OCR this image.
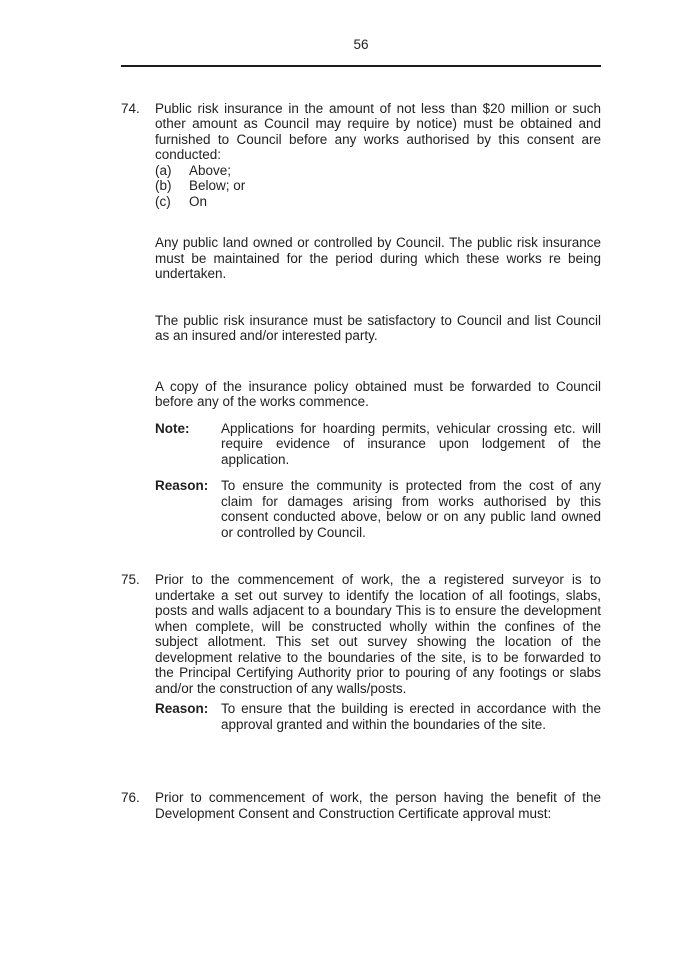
56
74.	Public risk insurance in the amount of not less than $20 million or such other amount as Council may require by notice) must be obtained and furnished to Council before any works authorised by this consent are conducted:

(a)	Above;
(b)	Below; or
(c)	On

Any public land owned or controlled by Council. The public risk insurance must be maintained for the period during which these works re being undertaken.

The public risk insurance must be satisfactory to Council and list Council as an insured and/or interested party.

A copy of the insurance policy obtained must be forwarded to Council before any of the works commence.

Note:	Applications for hoarding permits, vehicular crossing etc. will require evidence of insurance upon lodgement of the application.
Reason: To ensure the community is protected from the cost of any claim for damages arising from works authorised by this consent conducted above, below or on any public land owned or controlled by Council.
75.	Prior to the commencement of work, the a registered surveyor is to undertake a set out survey to identify the location of all footings, slabs, posts and walls adjacent to a boundary This is to ensure the development when complete, will be constructed wholly within the confines of the subject allotment. This set out survey showing the location of the development relative to the boundaries of the site, is to be forwarded to the Principal Certifying Authority prior to pouring of any footings or slabs and/or the construction of any walls/posts.

Reason: To ensure that the building is erected in accordance with the approval granted and within the boundaries of the site.
76.	Prior to commencement of work, the person having the benefit of the Development Consent and Construction Certificate approval must:
